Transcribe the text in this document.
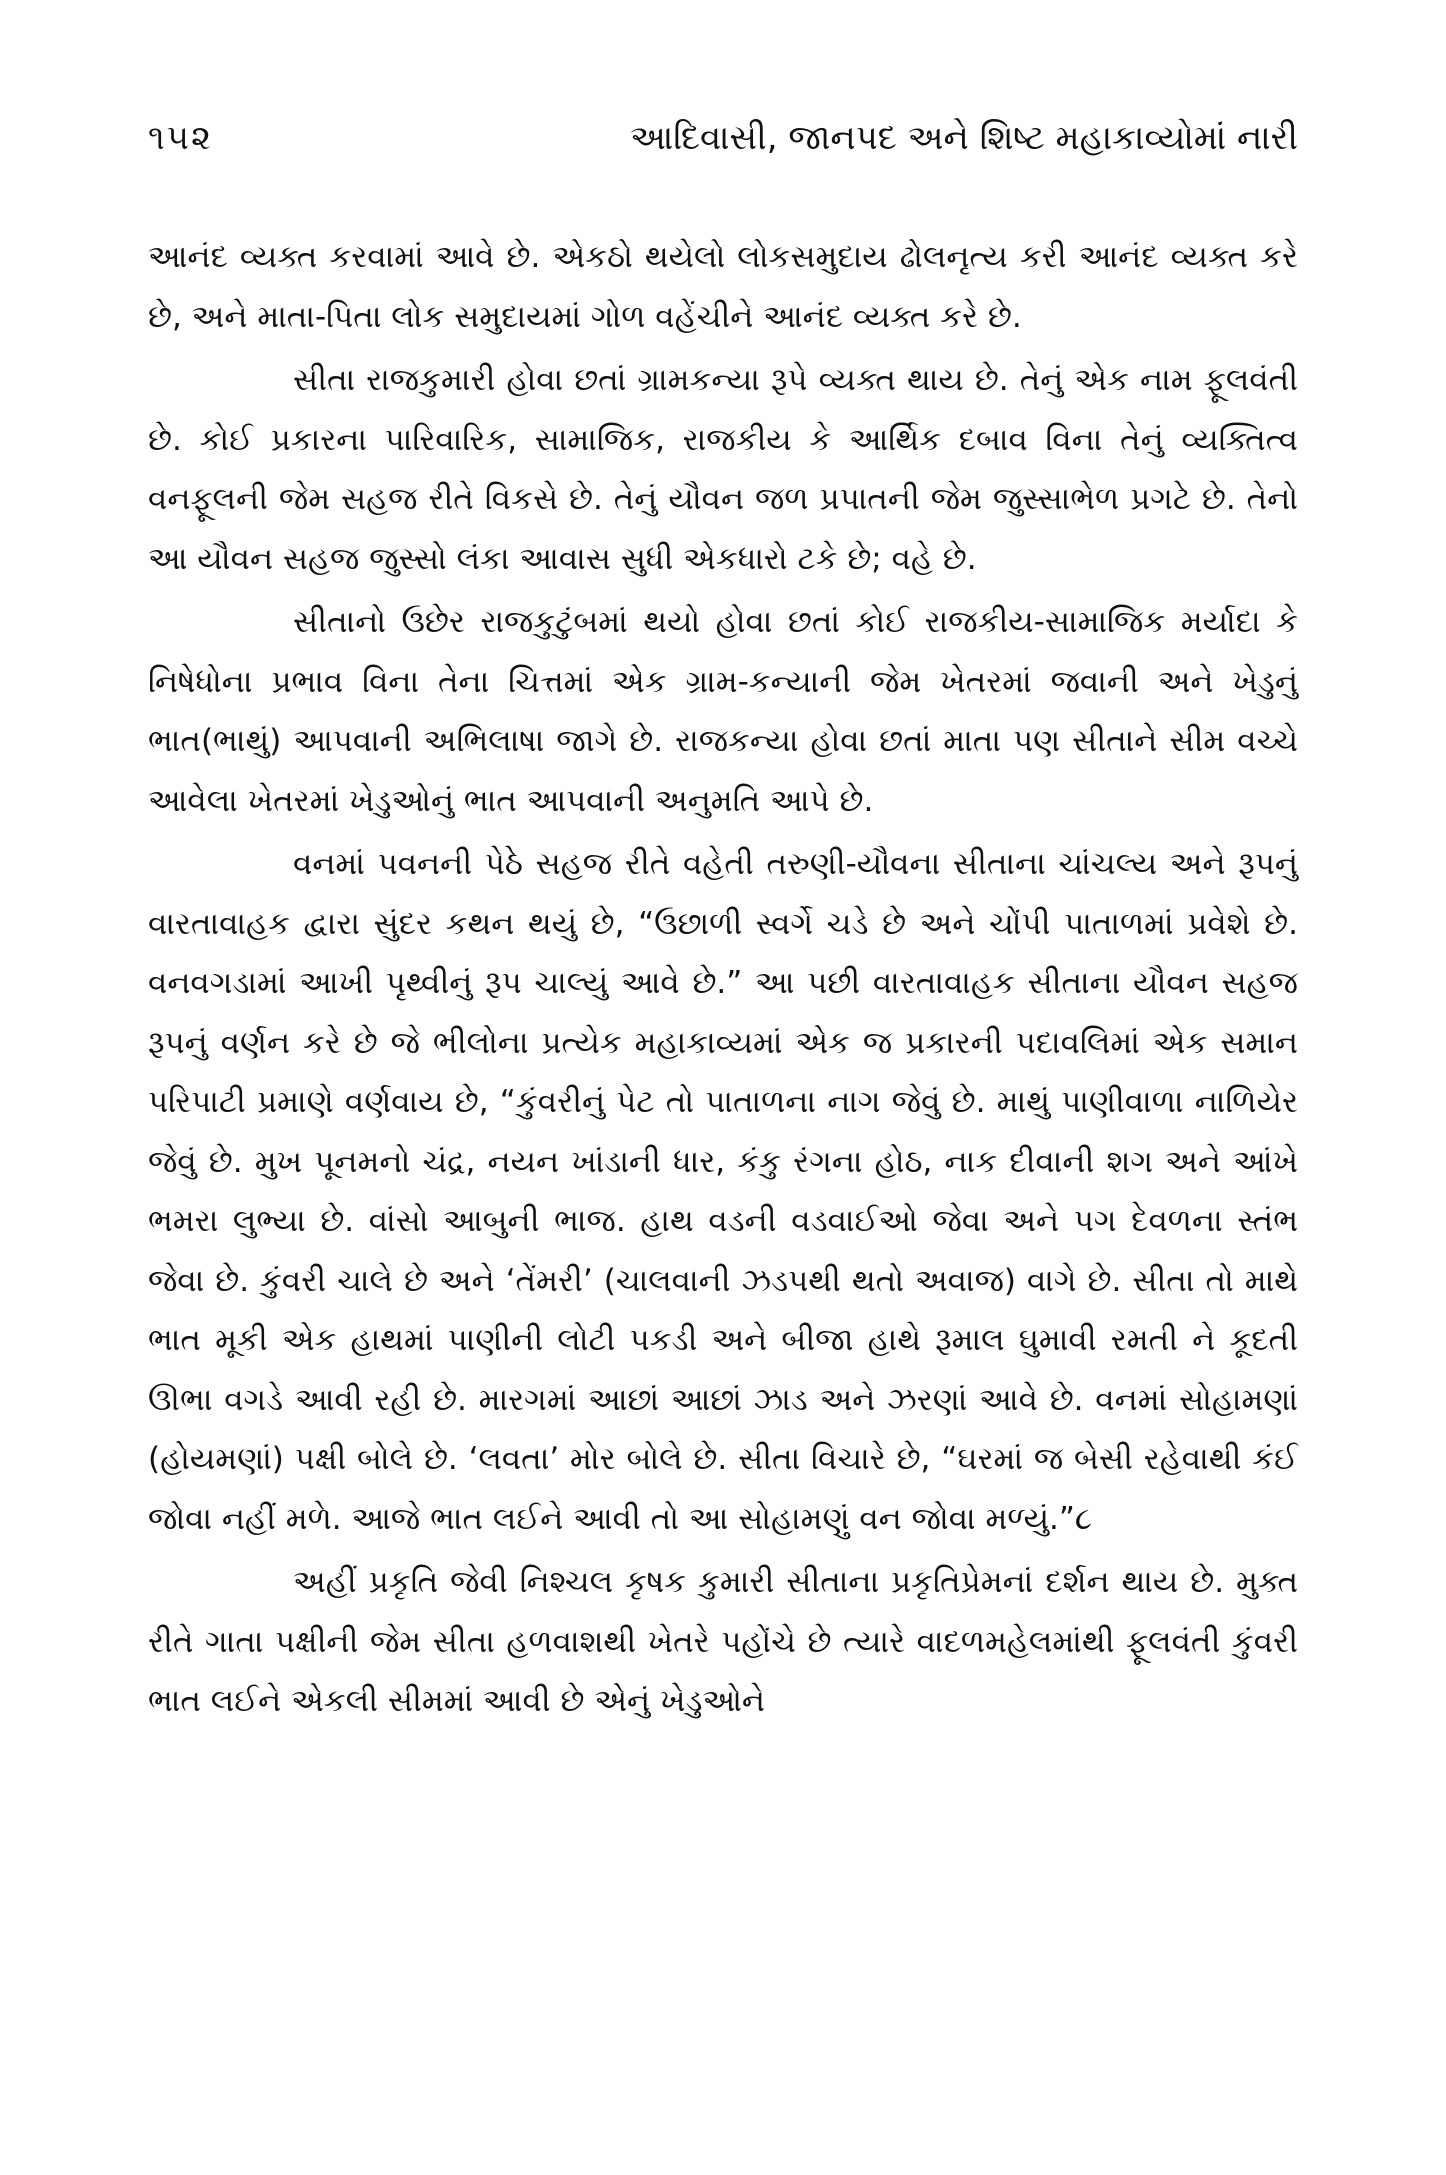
૧૫૨	આદિવાસી, જાનપદ અને શિષ્ટ મહાકાવ્યોમાં નારી

આનંદ વ્યક્ત કરવામાં આવે છે. એકઠો થયેલો લોકસમુદાય ઢોલનૃત્ય કરી આનંદ વ્યક્ત કરે છે, અને માતા-પિતા લોક સમુદાયમાં ગોળ વહેંચીને આનંદ વ્યક્ત કરે છે.

સીતા રાજકુમારી હોવા છતાં ગ્રામકન્યા રૂપે વ્યક્ત થાય છે. તેનું એક નામ ફૂલવંતી છે. કોઈ પ્રકારના પારિવારિક, સામાજિક, રાજકીય કે આર્થિક દબાવ વિના તેનું વ્યક્તિત્વ વનફૂલની જેમ સહજ રીતે વિકસે છે. તેનું યૌવન જળ પ્રપાતની જેમ જુસ્સાભેળ પ્રગટે છે. તેનો આ યૌવન સહજ જુસ્સો લંકા આવાસ સુધી એકધારો ટકે છે; વહે છે.

સીતાનો ઉછેર રાજકુટુંબમાં થયો હોવા છતાં કોઈ રાજકીય-સામાજિક મર્યાદા કે નિષેધોના પ્રભાવ વિના તેના ચિત્તમાં એક ગ્રામ-કન્યાની જેમ ખેતરમાં જવાની અને ખેડુનું ભાત(ભાથું) આપવાની અભિલાષા જાગે છે. રાજકન્યા હોવા છતાં માતા પણ સીતાને સીમ વચ્ચે આવેલા ખેતરમાં ખેડુઓનું ભાત આપવાની અનુમતિ આપે છે.

વનમાં પવનની પેઠે સહજ રીતે વહેતી તરુણી-યૌવના સીતાના ચાંચલ્ય અને રૂપનું વારતાવાહક દ્વારા સુંદર કથન થયું છે, “ઉછાળી સ્વર્ગે ચડે છે અને ચોંપી પાતાળમાં પ્રવેશે છે. વનવગડામાં આખી પૃથ્વીનું રૂપ ચાલ્યું આવે છે.” આ પછી વારતાવાહક સીતાના યૌવન સહજ રૂપનું વર્ણન કરે છે જે ભીલોના પ્રત્યેક મહાકાવ્યમાં એક જ પ્રકારની પદાવલિમાં એક સમાન પરિપાટી પ્રમાણે વર્ણવાય છે, “કુંવરીનું પેટ તો પાતાળના નાગ જેવું છે. માથું પાણીવાળા નાળિયેર જેવું છે. મુખ પૂનમનો ચંદ્ર, નયન ખાંડાની ધાર, કંકુ રંગના હોઠ, નાક દીવાની શગ અને આંખે ભમરા લુભ્યા છે. વાંસો આબુની ભાજ. હાથ વડની વડવાઈઓ જેવા અને પગ દેવળના સ્તંભ જેવા છે. કુંવરી ચાલે છે અને ‘તેંમરી’ (ચાલવાની ઝડપથી થતો અવાજ) વાગે છે. સીતા તો માથે ભાત મૂકી એક હાથમાં પાણીની લોટી પકડી અને બીજા હાથે રૂમાલ ઘુમાવી રમતી ને કૂદતી ઊભા વગડે આવી રહી છે. મારગમાં આછાં આછાં ઝાડ અને ઝરણાં આવે છે. વનમાં સોહામણાં (હોયમણાં) પક્ષી બોલે છે. ‘લવતા’ મોર બોલે છે. સીતા વિચારે છે, “ઘરમાં જ બેસી રહેવાથી કંઈ જોવા નહીં મળે. આજે ભાત લઈને આવી તો આ સોહામણું વન જોવા મળ્યું.”૮

અહીં પ્રકૃતિ જેવી નિશ્ચલ કૃષક કુમારી સીતાના પ્રકૃતિપ્રેમનાં દર્શન થાય છે. મુક્ત રીતે ગાતા પક્ષીની જેમ સીતા હળવાશથી ખેતરે પહોંચે છે ત્યારે વાદળમહેલમાંથી ફૂલવંતી કુંવરી ભાત લઈને એકલી સીમમાં આવી છે એનું ખેડુઓને
